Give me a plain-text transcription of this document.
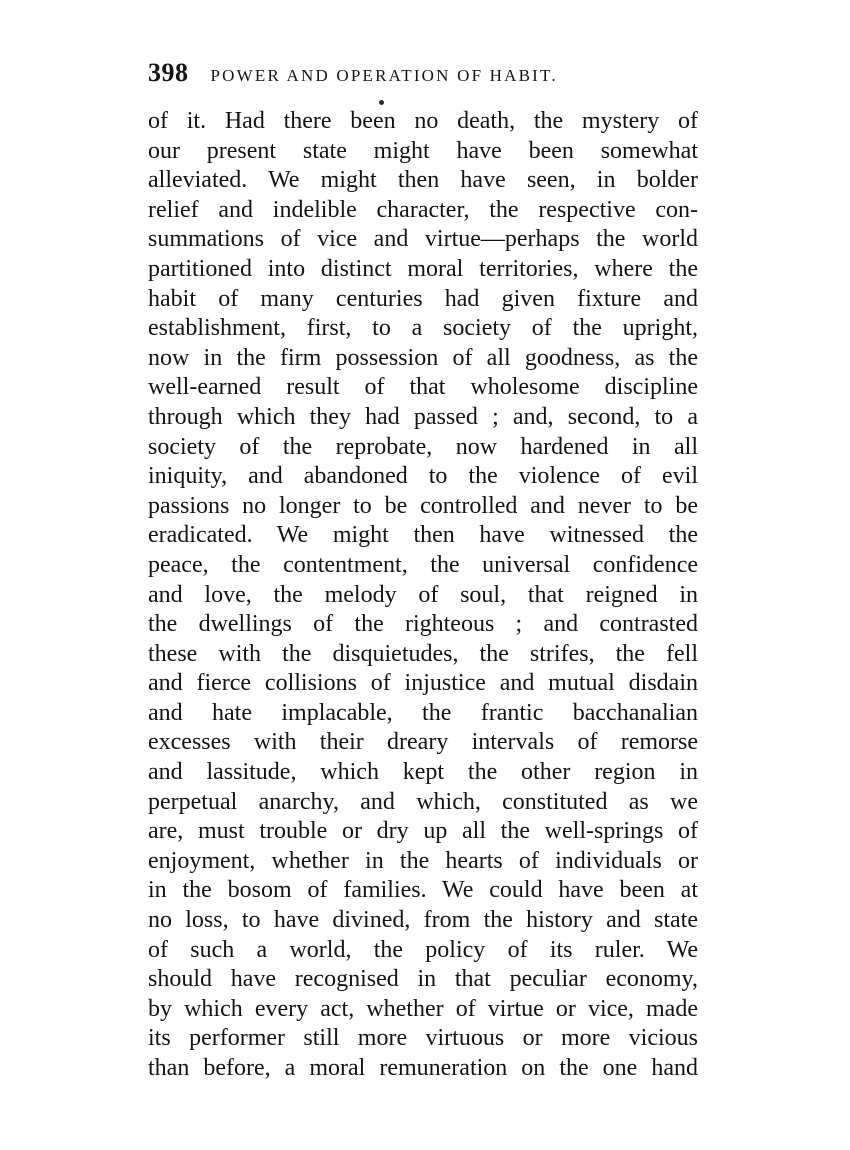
398 POWER AND OPERATION OF HABIT.
of it. Had there been no death, the mystery of
our present state might have been somewhat
alleviated. We might then have seen, in bolder
relief and indelible character, the respective con-
summations of vice and virtue—perhaps the world
partitioned into distinct moral territories, where the
habit of many centuries had given fixture and
establishment, first, to a society of the upright,
now in the firm possession of all goodness, as the
well-earned result of that wholesome discipline
through which they had passed ; and, second, to a
society of the reprobate, now hardened in all
iniquity, and abandoned to the violence of evil
passions no longer to be controlled and never to be
eradicated. We might then have witnessed the
peace, the contentment, the universal confidence
and love, the melody of soul, that reigned in
the dwellings of the righteous ; and contrasted
these with the disquietudes, the strifes, the fell
and fierce collisions of injustice and mutual disdain
and hate implacable, the frantic bacchanalian
excesses with their dreary intervals of remorse
and lassitude, which kept the other region in
perpetual anarchy, and which, constituted as we
are, must trouble or dry up all the well-springs of
enjoyment, whether in the hearts of individuals or
in the bosom of families. We could have been at
no loss, to have divined, from the history and state
of such a world, the policy of its ruler. We
should have recognised in that peculiar economy,
by which every act, whether of virtue or vice, made
its performer still more virtuous or more vicious
than before, a moral remuneration on the one hand
